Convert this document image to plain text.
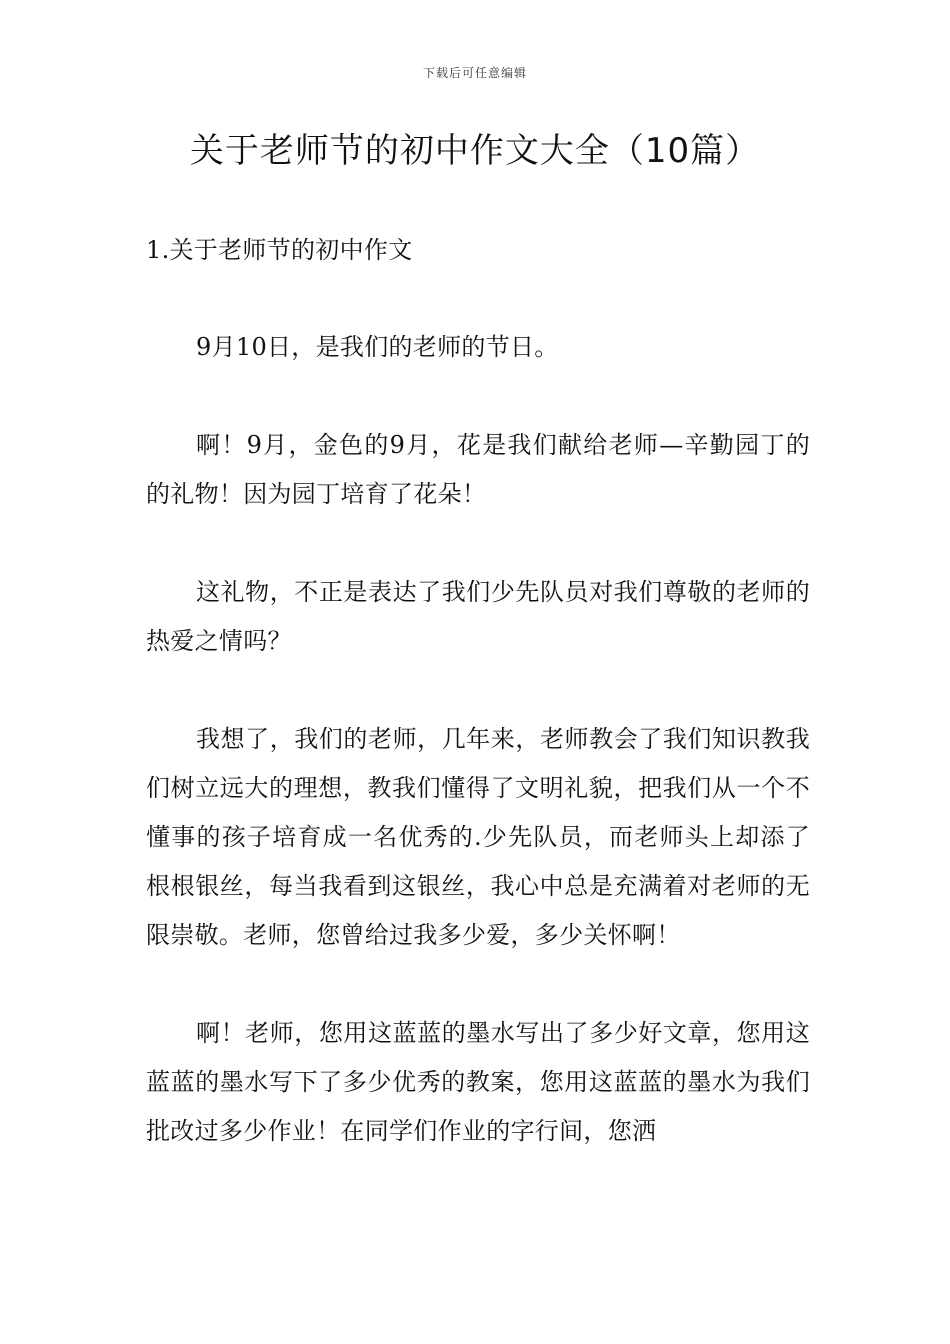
下载后可任意编辑
关于老师节的初中作文大全（10篇）

1.关于老师节的初中作文

9月10日，是我们的老师的节日。

啊！9月，金色的9月，花是我们献给老师—辛勤园丁的的礼物！因为园丁培育了花朵！

这礼物，不正是表达了我们少先队员对我们尊敬的老师的热爱之情吗？

我想了，我们的老师，几年来，老师教会了我们知识教我们树立远大的理想，教我们懂得了文明礼貌，把我们从一个不懂事的孩子培育成一名优秀的.少先队员，而老师头上却添了根根银丝，每当我看到这银丝，我心中总是充满着对老师的无限崇敬。老师，您曾给过我多少爱，多少关怀啊！

啊！老师，您用这蓝蓝的墨水写出了多少好文章，您用这蓝蓝的墨水写下了多少优秀的教案，您用这蓝蓝的墨水为我们批改过多少作业！在同学们作业的字行间，您洒
